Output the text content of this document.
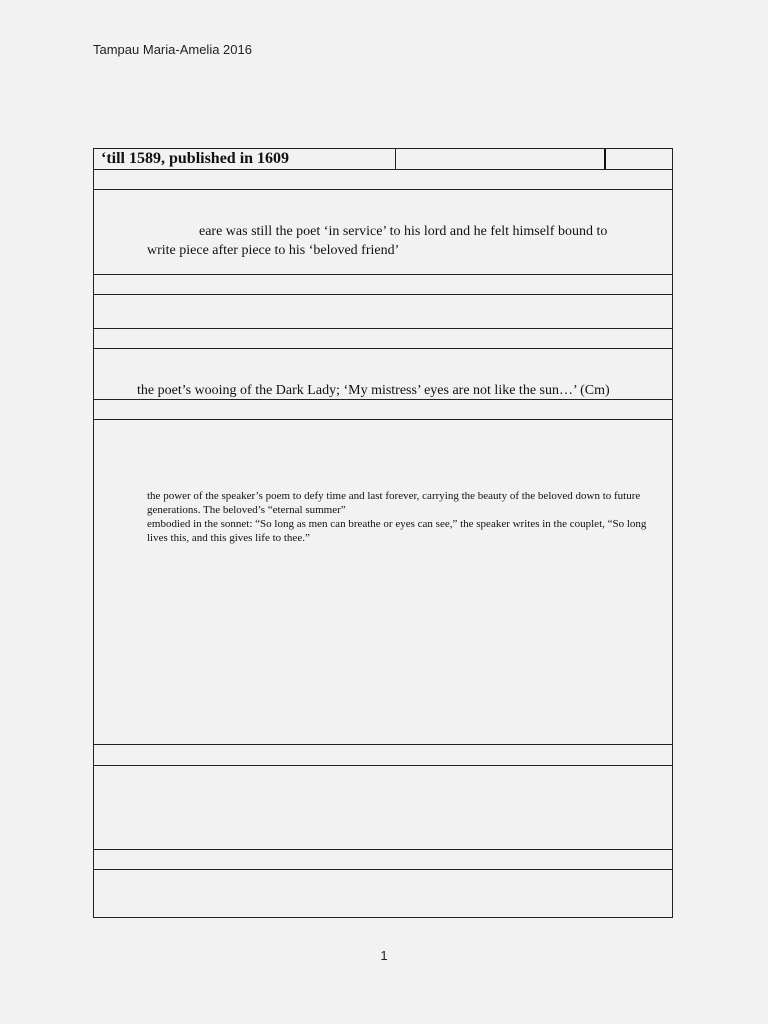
Tampau Maria-Amelia 2016
‘till 1589, published in 1609
eare was still the poet ‘in service’ to his lord and he felt himself bound to
write piece after piece to his ‘beloved friend’
the poet’s wooing of the Dark Lady; ‘My mistress’ eyes are not like the sun…’ (Cm)

the power of the speaker’s poem to defy time and last forever, carrying the beauty of the beloved down to future generations. The beloved’s “eternal summer”

embodied in the sonnet: “So long as men can breathe or eyes can see,” the speaker writes in the couplet, “So long lives this, and this gives life to thee.”

1
